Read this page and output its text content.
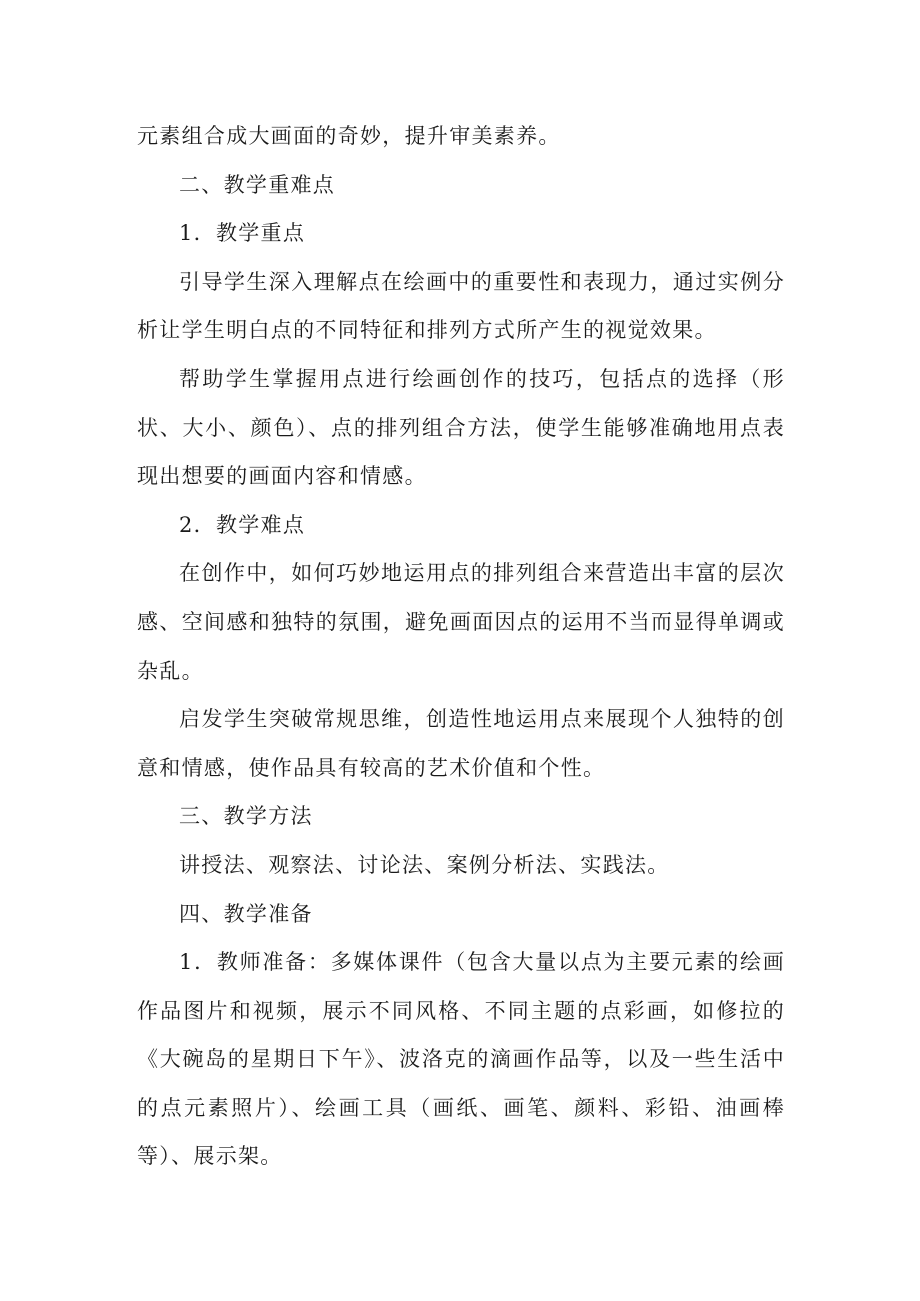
元素组合成大画面的奇妙，提升审美素养。

二、教学重难点

1．教学重点

引导学生深入理解点在绘画中的重要性和表现力，通过实例分析让学生明白点的不同特征和排列方式所产生的视觉效果。

帮助学生掌握用点进行绘画创作的技巧，包括点的选择（形状、大小、颜色）、点的排列组合方法，使学生能够准确地用点表现出想要的画面内容和情感。

2．教学难点

在创作中，如何巧妙地运用点的排列组合来营造出丰富的层次感、空间感和独特的氛围，避免画面因点的运用不当而显得单调或杂乱。

启发学生突破常规思维，创造性地运用点来展现个人独特的创意和情感，使作品具有较高的艺术价值和个性。

三、教学方法

讲授法、观察法、讨论法、案例分析法、实践法。

四、教学准备

1．教师准备：多媒体课件（包含大量以点为主要元素的绘画作品图片和视频，展示不同风格、不同主题的点彩画，如修拉的《大碗岛的星期日下午》、波洛克的滴画作品等，以及一些生活中的点元素照片）、绘画工具（画纸、画笔、颜料、彩铅、油画棒等）、展示架。
